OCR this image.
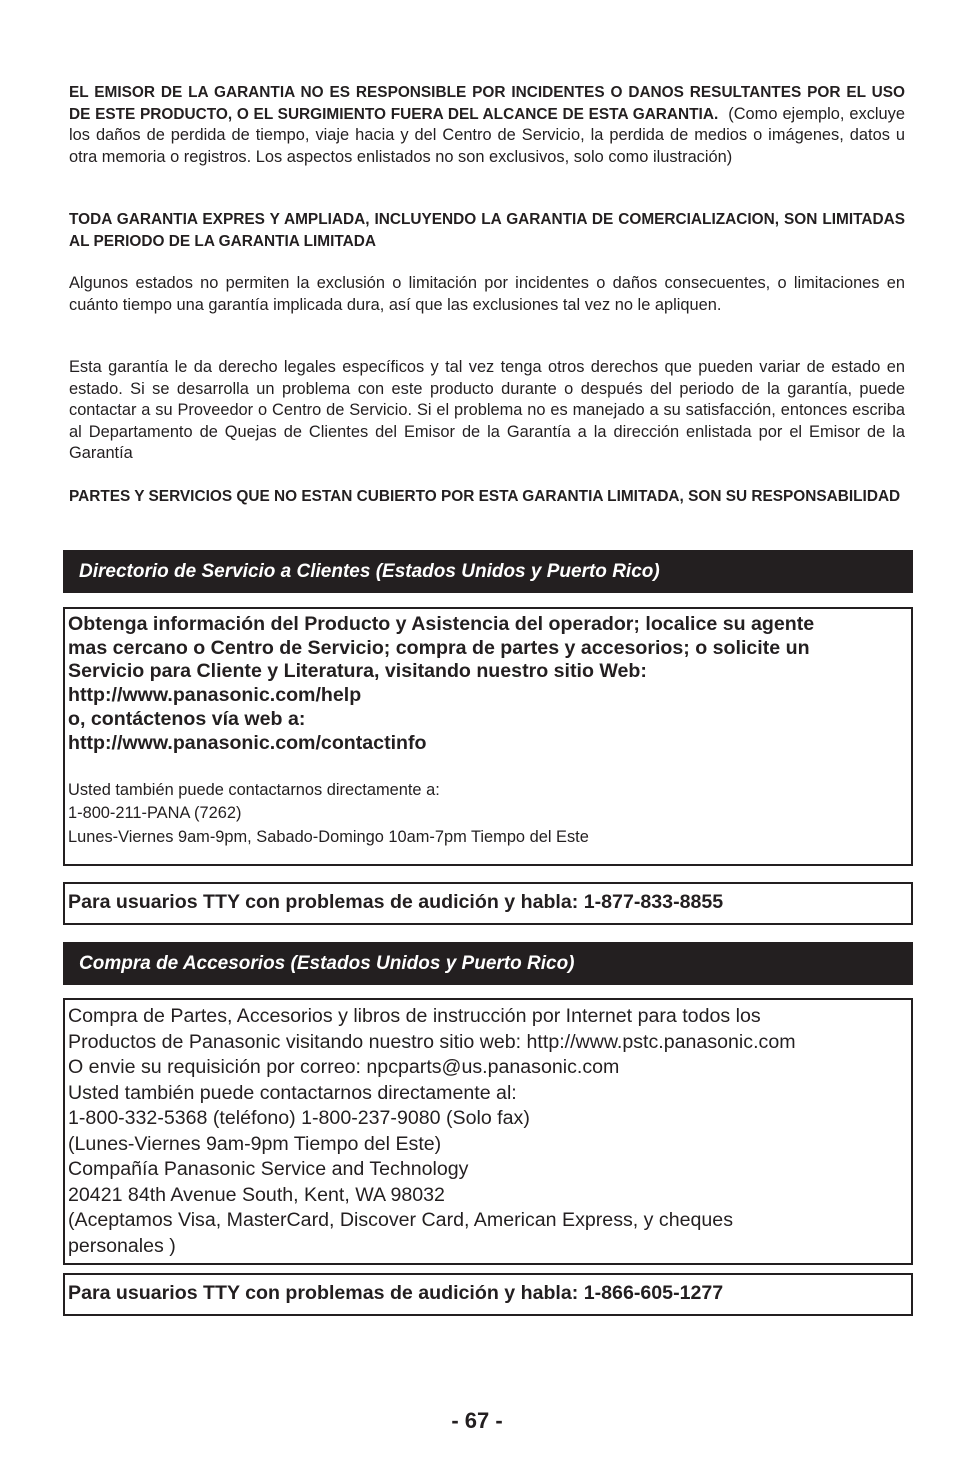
EL EMISOR DE LA GARANTIA NO ES RESPONSIBLE POR INCIDENTES O DANOS RESULTANTES POR EL USO DE ESTE PRODUCTO, O EL SURGIMIENTO FUERA DEL ALCANCE DE ESTA GARANTIA. (Como ejemplo, excluye los daños de perdida de tiempo, viaje hacia y del Centro de Servicio, la perdida de medios o imágenes, datos u otra memoria o registros. Los aspectos enlistados no son exclusivos, solo como ilustración)

TODA GARANTIA EXPRES Y AMPLIADA, INCLUYENDO LA GARANTIA DE COMERCIALIZACION, SON LIMITADAS AL PERIODO DE LA GARANTIA LIMITADA

Algunos estados no permiten la exclusión o limitación por incidentes o daños consecuentes, o limitaciones en cuánto tiempo una garantía implicada dura, así que las exclusiones tal vez no le apliquen.

Esta garantía le da derecho legales específicos y tal vez tenga otros derechos que pueden variar de estado en estado. Si se desarrolla un problema con este producto durante o después del periodo de la garantía, puede contactar a su Proveedor o Centro de Servicio. Si el problema no es manejado a su satisfacción, entonces escriba al Departamento de Quejas de Clientes del Emisor de la Garantía a la dirección enlistada por el Emisor de la Garantía

PARTES Y SERVICIOS QUE NO ESTAN CUBIERTO POR ESTA GARANTIA LIMITADA, SON SU RESPONSABILIDAD

Directorio de Servicio a Clientes (Estados Unidos y Puerto Rico)
Obtenga información del Producto y Asistencia del operador; localice su agente
mas cercano o Centro de Servicio; compra de partes y accesorios; o solicite un
Servicio para Cliente y Literatura, visitando nuestro sitio Web:
http://www.panasonic.com/help
o, contáctenos vía web a:
http://www.panasonic.com/contactinfo
Usted también puede contactarnos directamente a:
1-800-211-PANA (7262)
Lunes-Viernes 9am-9pm, Sabado-Domingo 10am-7pm Tiempo del Este
Para usuarios TTY con problemas de audición y habla: 1-877-833-8855
Compra de Accesorios (Estados Unidos y Puerto Rico)
Compra de Partes, Accesorios y libros de instrucción por Internet para todos los
Productos de Panasonic visitando nuestro sitio web: http://www.pstc.panasonic.com
O envie su requisición por correo: npcparts@us.panasonic.com
Usted también puede contactarnos directamente al:
1-800-332-5368 (teléfono) 1-800-237-9080 (Solo fax)
(Lunes-Viernes 9am-9pm Tiempo del Este)
Compañía Panasonic Service and Technology
20421 84th Avenue South, Kent, WA 98032
(Aceptamos Visa, MasterCard, Discover Card, American Express, y cheques
personales )
Para usuarios TTY con problemas de audición y habla: 1-866-605-1277
- 67 -
